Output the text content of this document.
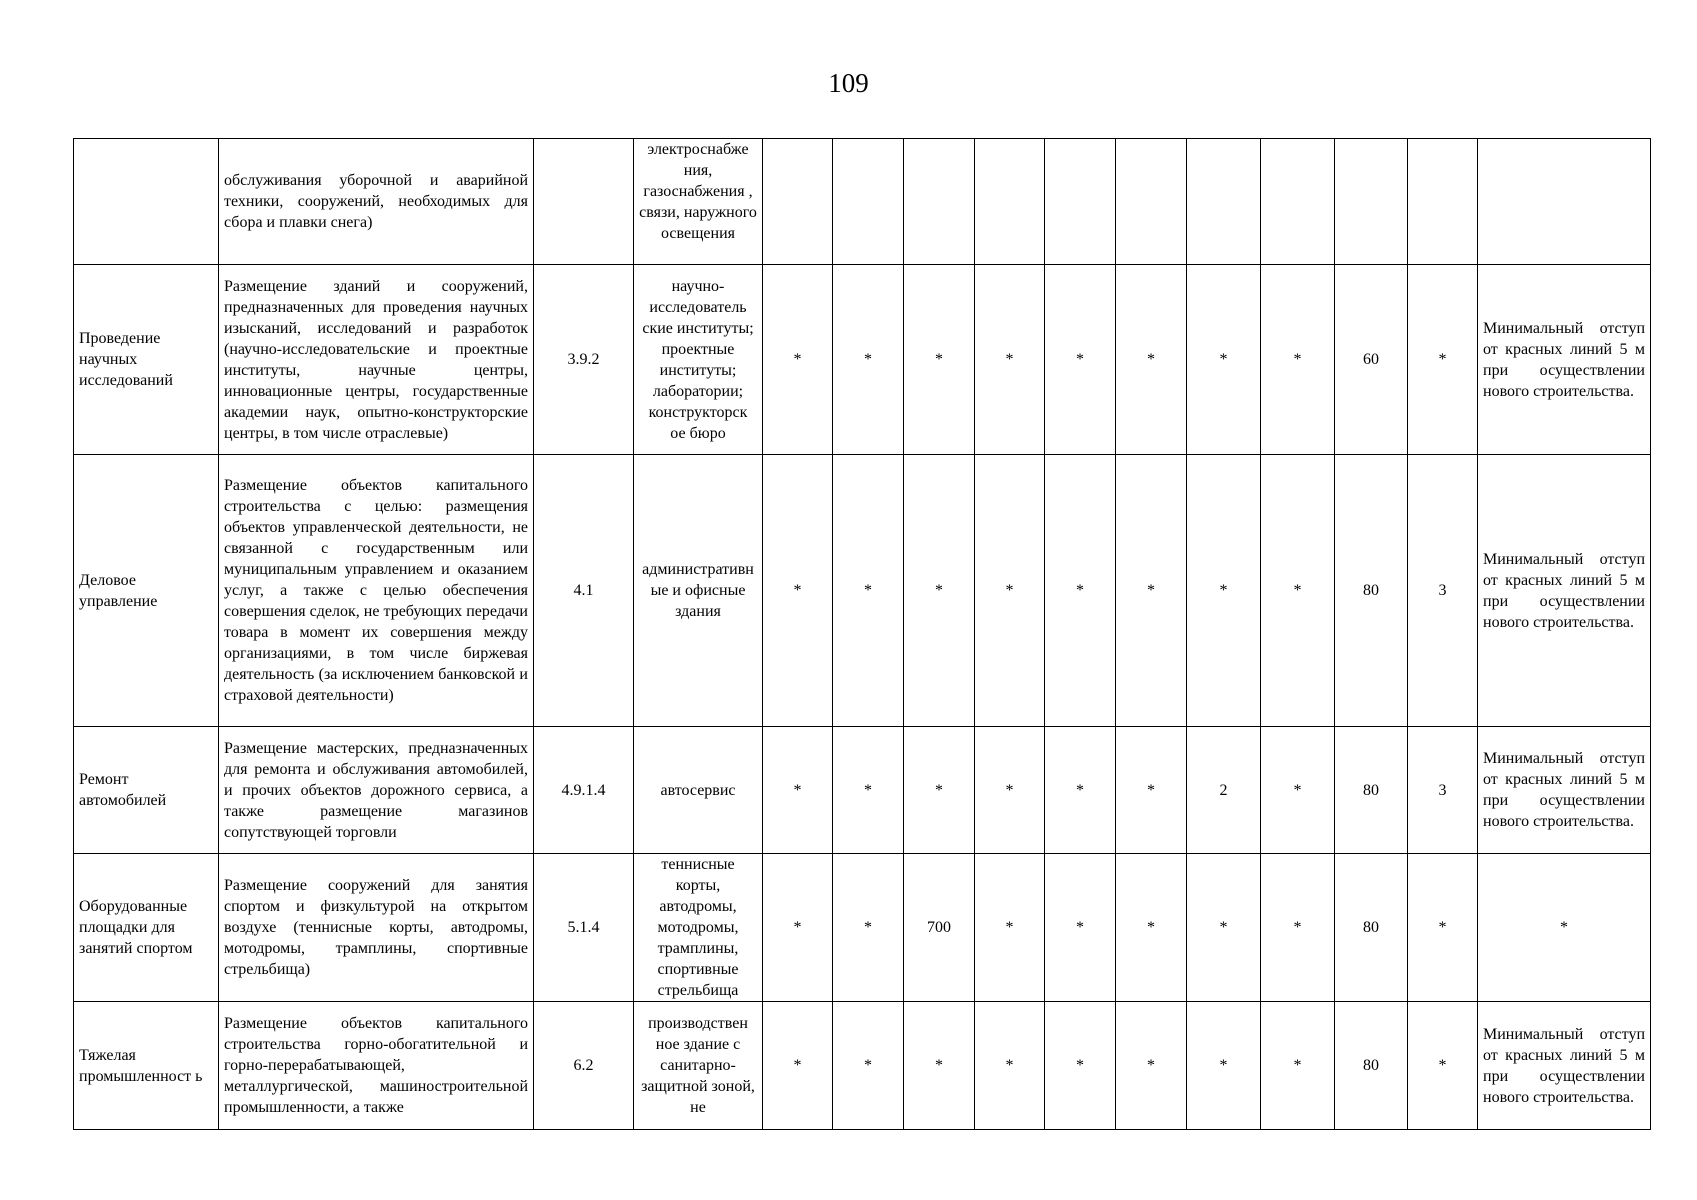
109
	обслуживания уборочной и аварийной техники, сооружений, необходимых для сбора и плавки снега)		электроснабже ния, газоснабжения , связи, наружного освещения											
Проведение научных исследований	Размещение зданий и сооружений, предназначенных для проведения научных изысканий, исследований и разработок (научно-исследовательские и проектные институты, научные центры, инновационные центры, государственные академии наук, опытно-конструкторские центры, в том числе отраслевые)	3.9.2	научно-исследователь ские институты; проектные институты; лаборатории; конструкторск ое бюро	*	*	*	*	*	*	*	*	60	*	Минимальный отступ от красных линий 5 м при осуществлении нового строительства.
Деловое управление	Размещение объектов капитального строительства с целью: размещения объектов управленческой деятельности, не связанной с государственным или муниципальным управлением и оказанием услуг, а также с целью обеспечения совершения сделок, не требующих передачи товара в момент их совершения между организациями, в том числе биржевая деятельность (за исключением банковской и страховой деятельности)	4.1	административные и офисные здания	*	*	*	*	*	*	*	*	80	3	Минимальный отступ от красных линий 5 м при осуществлении нового строительства.
Ремонт автомобилей	Размещение мастерских, предназначенных для ремонта и обслуживания автомобилей, и прочих объектов дорожного сервиса, а также размещение магазинов сопутствующей торговли	4.9.1.4	автосервис	*	*	*	*	*	*	2	*	80	3	Минимальный отступ от красных линий 5 м при осуществлении нового строительства.
Оборудованные площадки для занятий спортом	Размещение сооружений для занятия спортом и физкультурой на открытом воздухе (теннисные корты, автодромы, мотодромы, трамплины, спортивные стрельбища)	5.1.4	теннисные корты, автодромы, мотодромы, трамплины, спортивные стрельбища	*	*	700	*	*	*	*	*	80	*	*
Тяжелая промышленност ь	Размещение объектов капитального строительства горно-обогатительной и горно-перерабатывающей, металлургической, машиностроительной промышленности, а также	6.2	производствен ное здание с санитарно-защитной зоной, не	*	*	*	*	*	*	*	*	80	*	Минимальный отступ от красных линий 5 м при осуществлении нового строительства.
